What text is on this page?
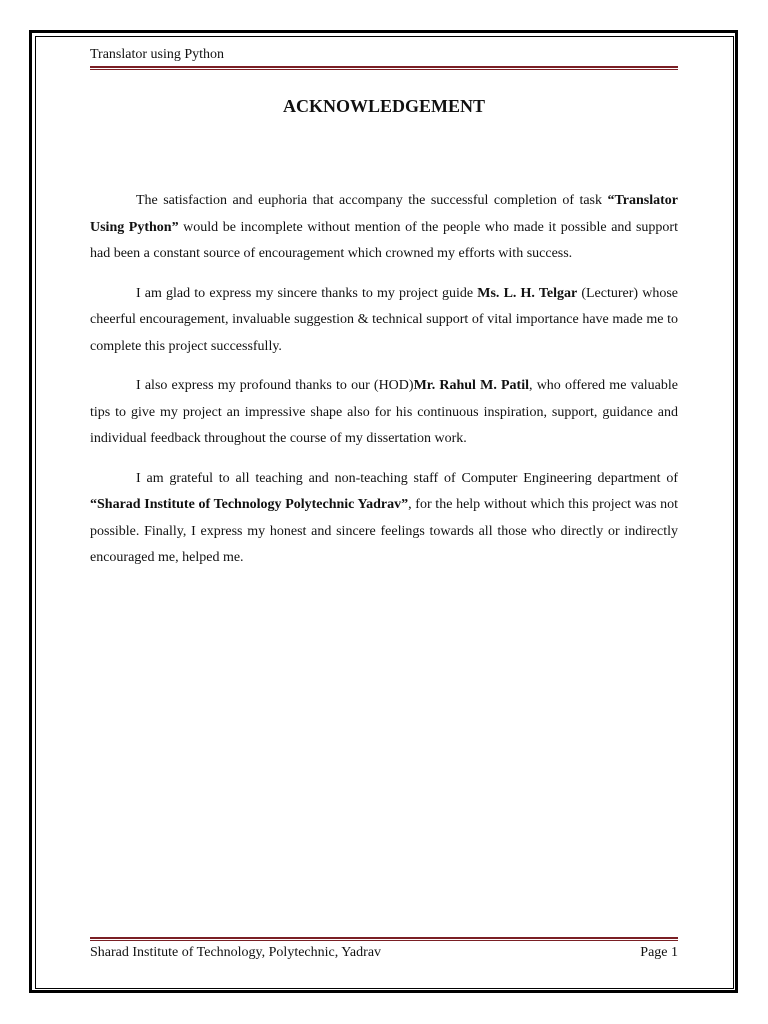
Translator using Python
ACKNOWLEDGEMENT

The satisfaction and euphoria that accompany the successful completion of task “Translator Using Python” would be incomplete without mention of the people who made it possible and support had been a constant source of encouragement which crowned my efforts with success.

I am glad to express my sincere thanks to my project guide Ms. L. H. Telgar (Lecturer) whose cheerful encouragement, invaluable suggestion & technical support of vital importance have made me to complete this project successfully.

I also express my profound thanks to our (HOD)Mr. Rahul M. Patil, who offered me valuable tips to give my project an impressive shape also for his continuous inspiration, support, guidance and individual feedback throughout the course of my dissertation work.

I am grateful to all teaching and non-teaching staff of Computer Engineering department of “Sharad Institute of Technology Polytechnic Yadrav”, for the help without which this project was not possible. Finally, I express my honest and sincere feelings towards all those who directly or indirectly encouraged me, helped me.

Sharad Institute of Technology, Polytechnic, Yadrav	Page 1
